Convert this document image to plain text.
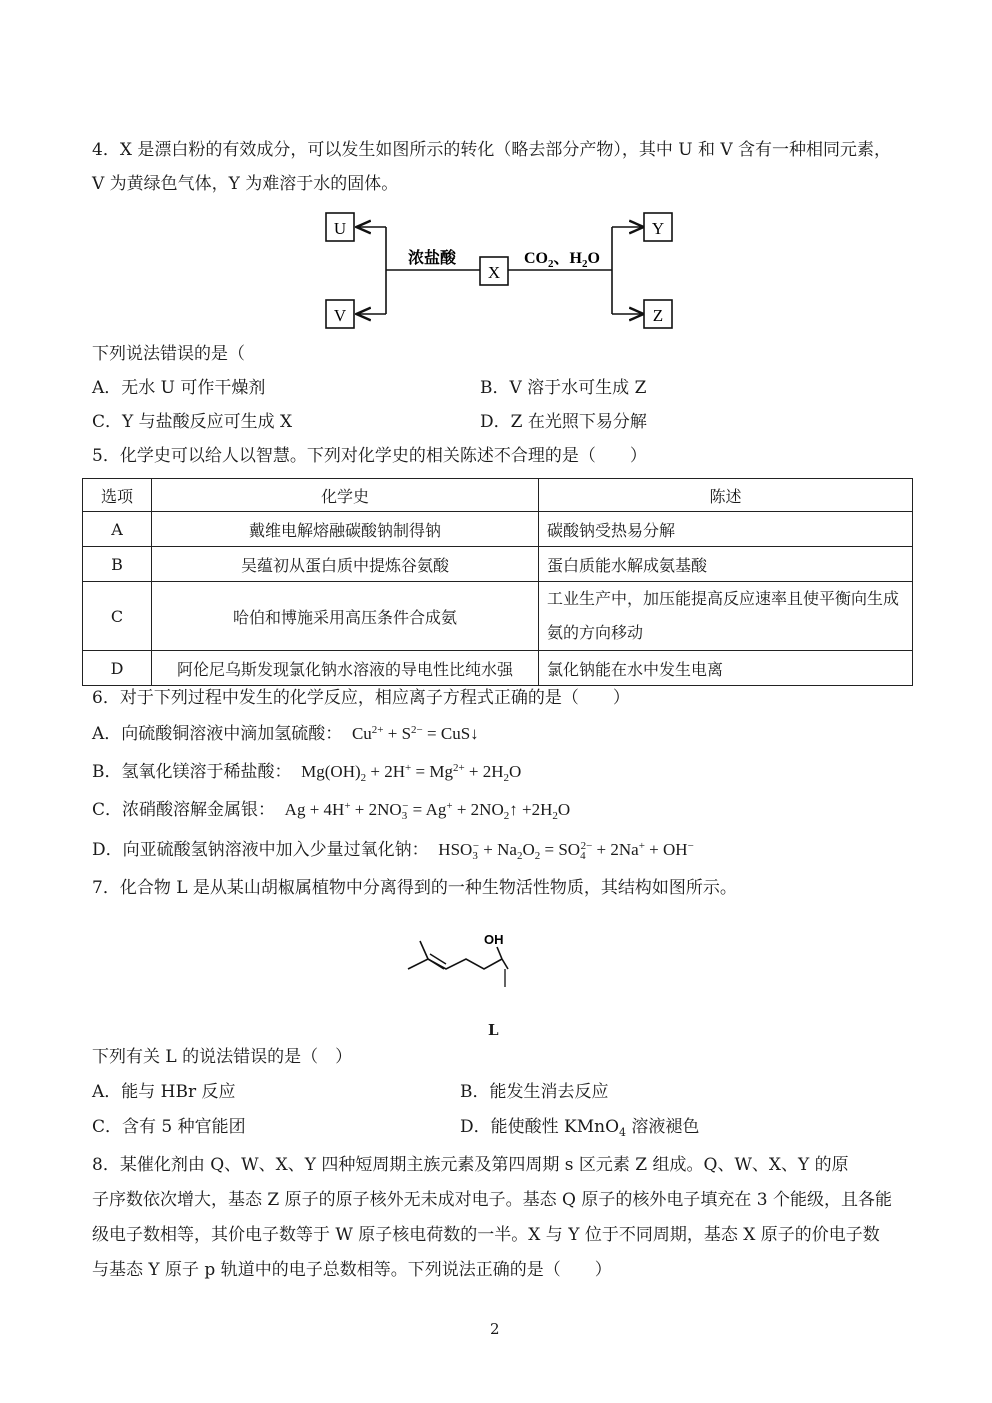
4．X 是漂白粉的有效成分，可以发生如图所示的转化（略去部分产物），其中 U 和 V 含有一种相同元素，
V 为黄绿色气体，Y 为难溶于水的固体。
U
V
浓盐酸
X
$CO_2$、$H_2O$
Y
Z
下列说法错误的是（
A．无水 U 可作干燥剂	B．V 溶于水可生成 Z
C．Y 与盐酸反应可生成 X	D．Z 在光照下易分解
5．化学史可以给人以智慧。下列对化学史的相关陈述不合理的是（　　）
选项	化学史	陈述
A	戴维电解熔融碳酸钠制得钠	碳酸钠受热易分解
B	吴蕴初从蛋白质中提炼谷氨酸	蛋白质能水解成氨基酸
C	哈伯和博施采用高压条件合成氨	工业生产中，加压能提高反应速率且使平衡向生成氨的方向移动
D	阿伦尼乌斯发现氯化钠水溶液的导电性比纯水强	氯化钠能在水中发生电离
6．对于下列过程中发生的化学反应，相应离子方程式正确的是（　　）
A．向硫酸铜溶液中滴加氢硫酸：  $Cu^{2+} + S^{2-}$ = CuS↓
B．氢氧化镁溶于稀盐酸：  $Mg(OH)_2 + 2H^+ = Mg^{2+} + 2H_2O$
C．浓硝酸溶解金属银：  $Ag + 4H^+ + 2NO_3^- = Ag^+$ + $2NO_2↑ +2H_2O$
D．向亚硫酸氢钠溶液中加入少量过氧化钠：  $HSO_3^- + Na_2O_2 = SO_4^{2-} + 2Na^+ + OH^-$
7．化合物 L 是从某山胡椒属植物中分离得到的一种生物活性物质，其结构如图所示。
OH
L
下列有关 L 的说法错误的是（　）
A．能与 HBr 反应	B．能发生消去反应
C．含有 5 种官能团	D．能使酸性 KMnO$_4$ 溶液褪色
8．某催化剂由 Q、W、X、Y 四种短周期主族元素及第四周期 s 区元素 Z 组成。Q、W、X、Y 的原
子序数依次增大，基态 Z 原子的原子核外无未成对电子。基态 Q 原子的核外电子填充在 3 个能级，且各能
级电子数相等，其价电子数等于 W 原子核电荷数的一半。X 与 Y 位于不同周期，基态 X 原子的价电子数
与基态 Y 原子 p 轨道中的电子总数相等。下列说法正确的是（　　）
2
